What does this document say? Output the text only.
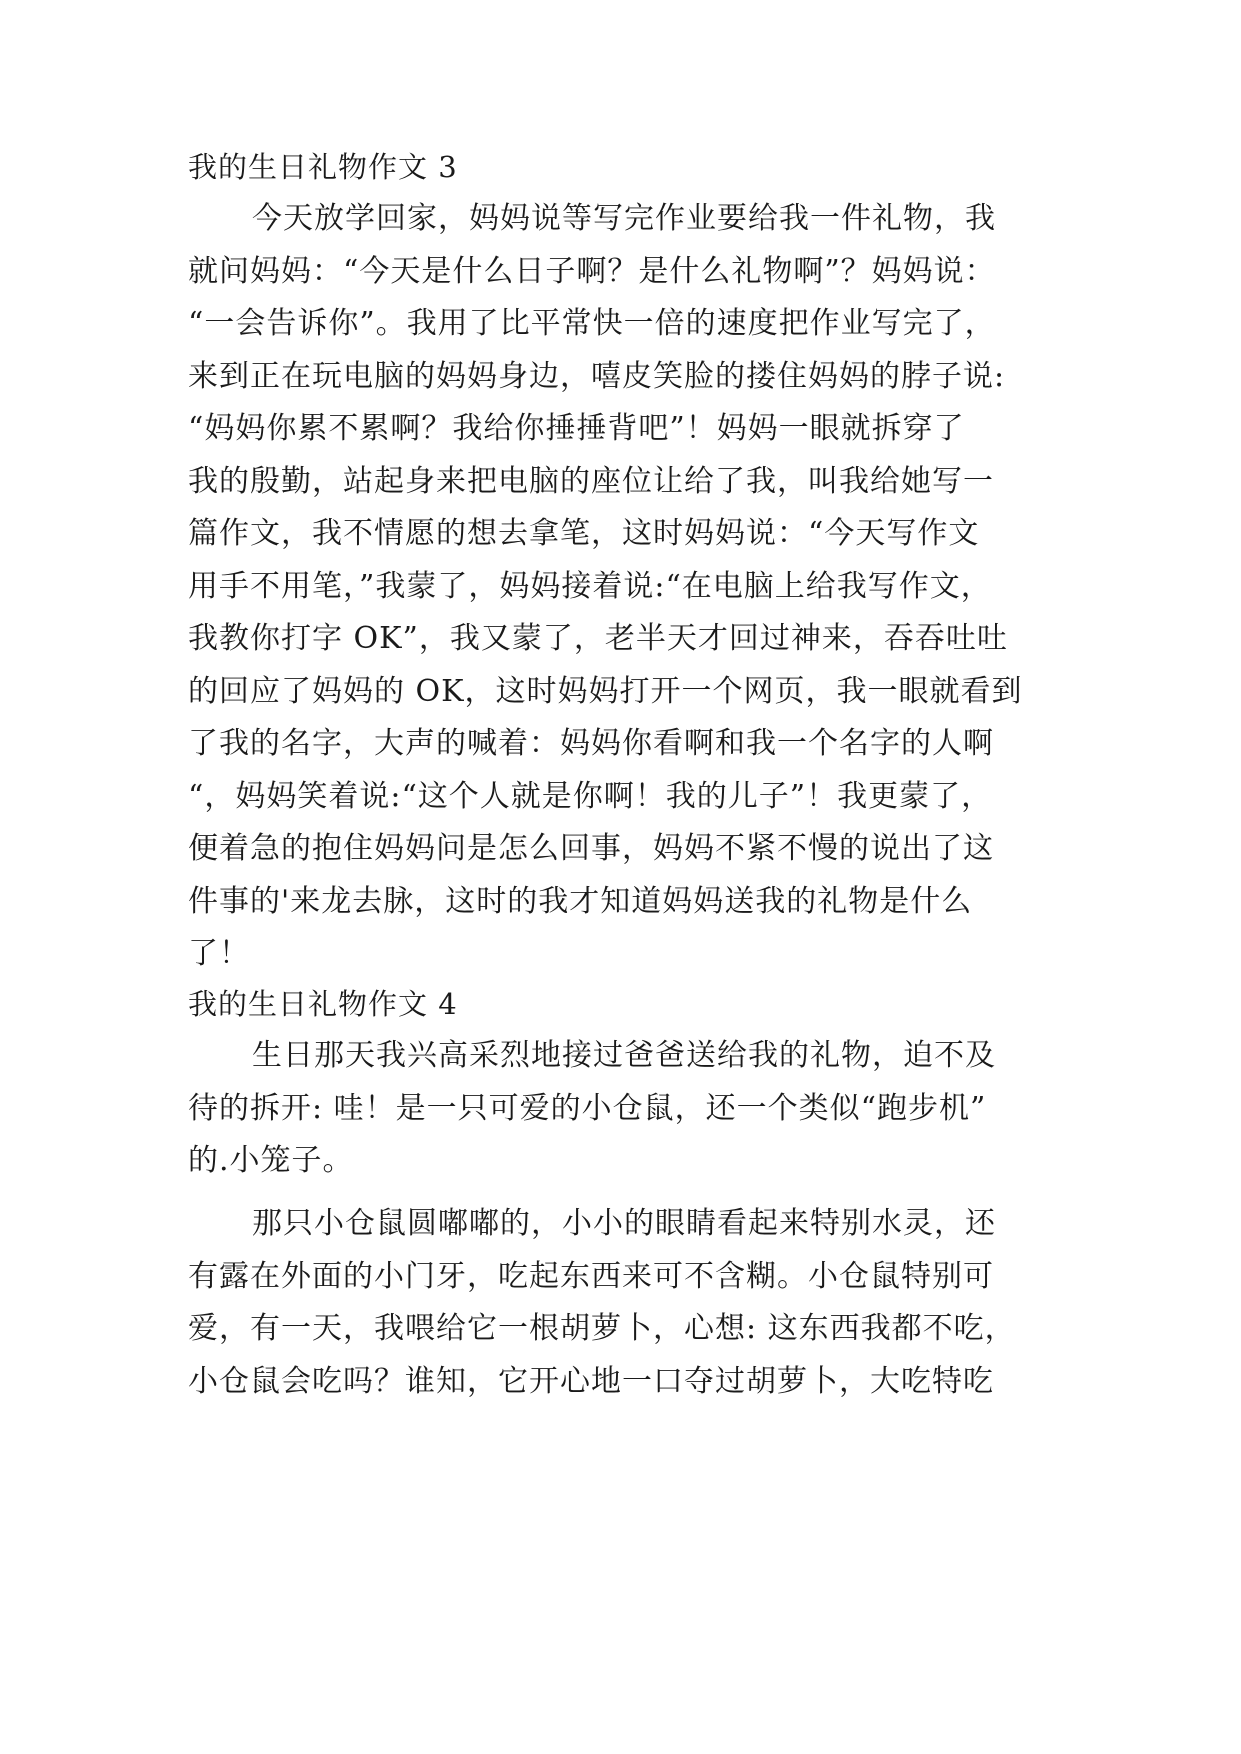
我的生日礼物作文 3
今天放学回家，妈妈说等写完作业要给我一件礼物，我
就问妈妈：“今天是什么日子啊？是什么礼物啊”？妈妈说：
“一会告诉你”。我用了比平常快一倍的速度把作业写完了，
来到正在玩电脑的妈妈身边，嘻皮笑脸的搂住妈妈的脖子说:
“妈妈你累不累啊？我给你捶捶背吧”！妈妈一眼就拆穿了
我的殷勤，站起身来把电脑的座位让给了我，叫我给她写一
篇作文，我不情愿的想去拿笔，这时妈妈说：“今天写作文
用手不用笔，”我蒙了，妈妈接着说:“在电脑上给我写作文，
我教你打字 OK”，我又蒙了，老半天才回过神来，吞吞吐吐
的回应了妈妈的 OK，这时妈妈打开一个网页，我一眼就看到
了我的名字，大声的喊着：妈妈你看啊和我一个名字的人啊
“，妈妈笑着说:“这个人就是你啊！我的儿子”！我更蒙了，
便着急的抱住妈妈问是怎么回事，妈妈不紧不慢的说出了这
件事的'来龙去脉，这时的我才知道妈妈送我的礼物是什么
了！
我的生日礼物作文 4
生日那天我兴高采烈地接过爸爸送给我的礼物，迫不及
待的拆开: 哇！是一只可爱的小仓鼠，还一个类似“跑步机”
的.小笼子。
那只小仓鼠圆嘟嘟的，小小的眼睛看起来特别水灵，还
有露在外面的小门牙，吃起东西来可不含糊。小仓鼠特别可
爱，有一天，我喂给它一根胡萝卜，心想: 这东西我都不吃，
小仓鼠会吃吗？谁知，它开心地一口夺过胡萝卜，大吃特吃
